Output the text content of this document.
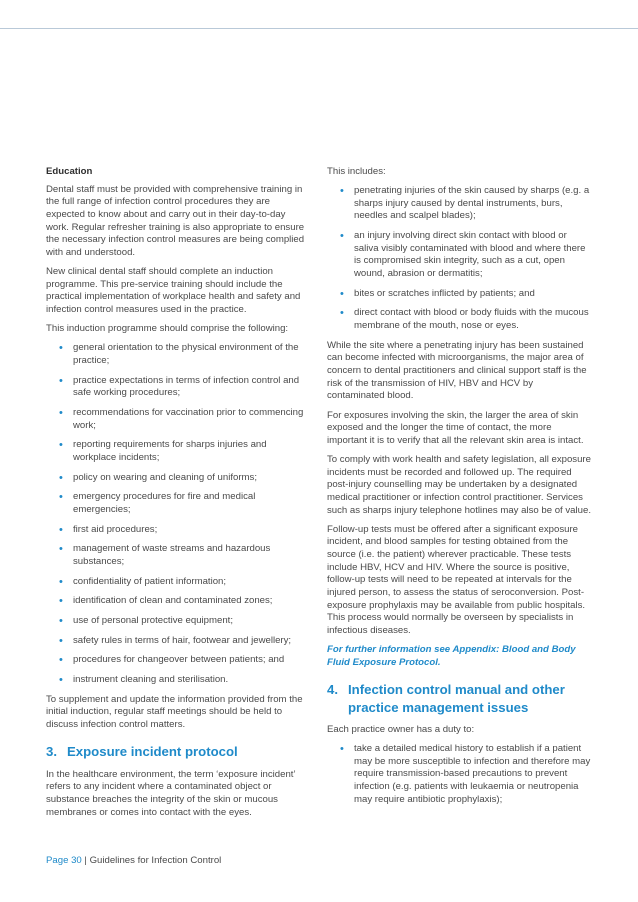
Education

Dental staff must be provided with comprehensive training in the full range of infection control procedures they are expected to know about and carry out in their day-to-day work. Regular refresher training is also appropriate to ensure the necessary infection control measures are being complied with and understood.

New clinical dental staff should complete an induction programme. This pre-service training should include the practical implementation of workplace health and safety and infection control measures used in the practice.

This induction programme should comprise the following:

• general orientation to the physical environment of the practice;
• practice expectations in terms of infection control and safe working procedures;
• recommendations for vaccination prior to commencing work;
• reporting requirements for sharps injuries and workplace incidents;
• policy on wearing and cleaning of uniforms;
• emergency procedures for fire and medical emergencies;
• first aid procedures;
• management of waste streams and hazardous substances;
• confidentiality of patient information;
• identification of clean and contaminated zones;
• use of personal protective equipment;
• safety rules in terms of hair, footwear and jewellery;
• procedures for changeover between patients; and
• instrument cleaning and sterilisation.

To supplement and update the information provided from the initial induction, regular staff meetings should be held to discuss infection control matters.

3. Exposure incident protocol

In the healthcare environment, the term ‘exposure incident’ refers to any incident where a contaminated object or substance breaches the integrity of the skin or mucous membranes or comes into contact with the eyes.

This includes:

• penetrating injuries of the skin caused by sharps (e.g. a sharps injury caused by dental instruments, burs, needles and scalpel blades);
• an injury involving direct skin contact with blood or saliva visibly contaminated with blood and where there is compromised skin integrity, such as a cut, open wound, abrasion or dermatitis;
• bites or scratches inflicted by patients; and
• direct contact with blood or body fluids with the mucous membrane of the mouth, nose or eyes.

While the site where a penetrating injury has been sustained can become infected with microorganisms, the major area of concern to dental practitioners and clinical support staff is the risk of the transmission of HIV, HBV and HCV by contaminated blood.

For exposures involving the skin, the larger the area of skin exposed and the longer the time of contact, the more important it is to verify that all the relevant skin area is intact.

To comply with work health and safety legislation, all exposure incidents must be recorded and followed up. The required post-injury counselling may be undertaken by a designated medical practitioner or infection control practitioner. Services such as sharps injury telephone hotlines may also be of value.

Follow-up tests must be offered after a significant exposure incident, and blood samples for testing obtained from the source (i.e. the patient) wherever practicable. These tests include HBV, HCV and HIV. Where the source is positive, follow-up tests will need to be repeated at intervals for the injured person, to assess the status of seroconversion. Post-exposure prophylaxis may be available from public hospitals. This process would normally be overseen by specialists in infectious diseases.

For further information see Appendix: Blood and Body Fluid Exposure Protocol.

4. Infection control manual and other practice management issues

Each practice owner has a duty to:

• take a detailed medical history to establish if a patient may be more susceptible to infection and therefore may require transmission-based precautions to prevent infection (e.g. patients with leukaemia or neutropenia may require antibiotic prophylaxis);
Page 30 | Guidelines for Infection Control
